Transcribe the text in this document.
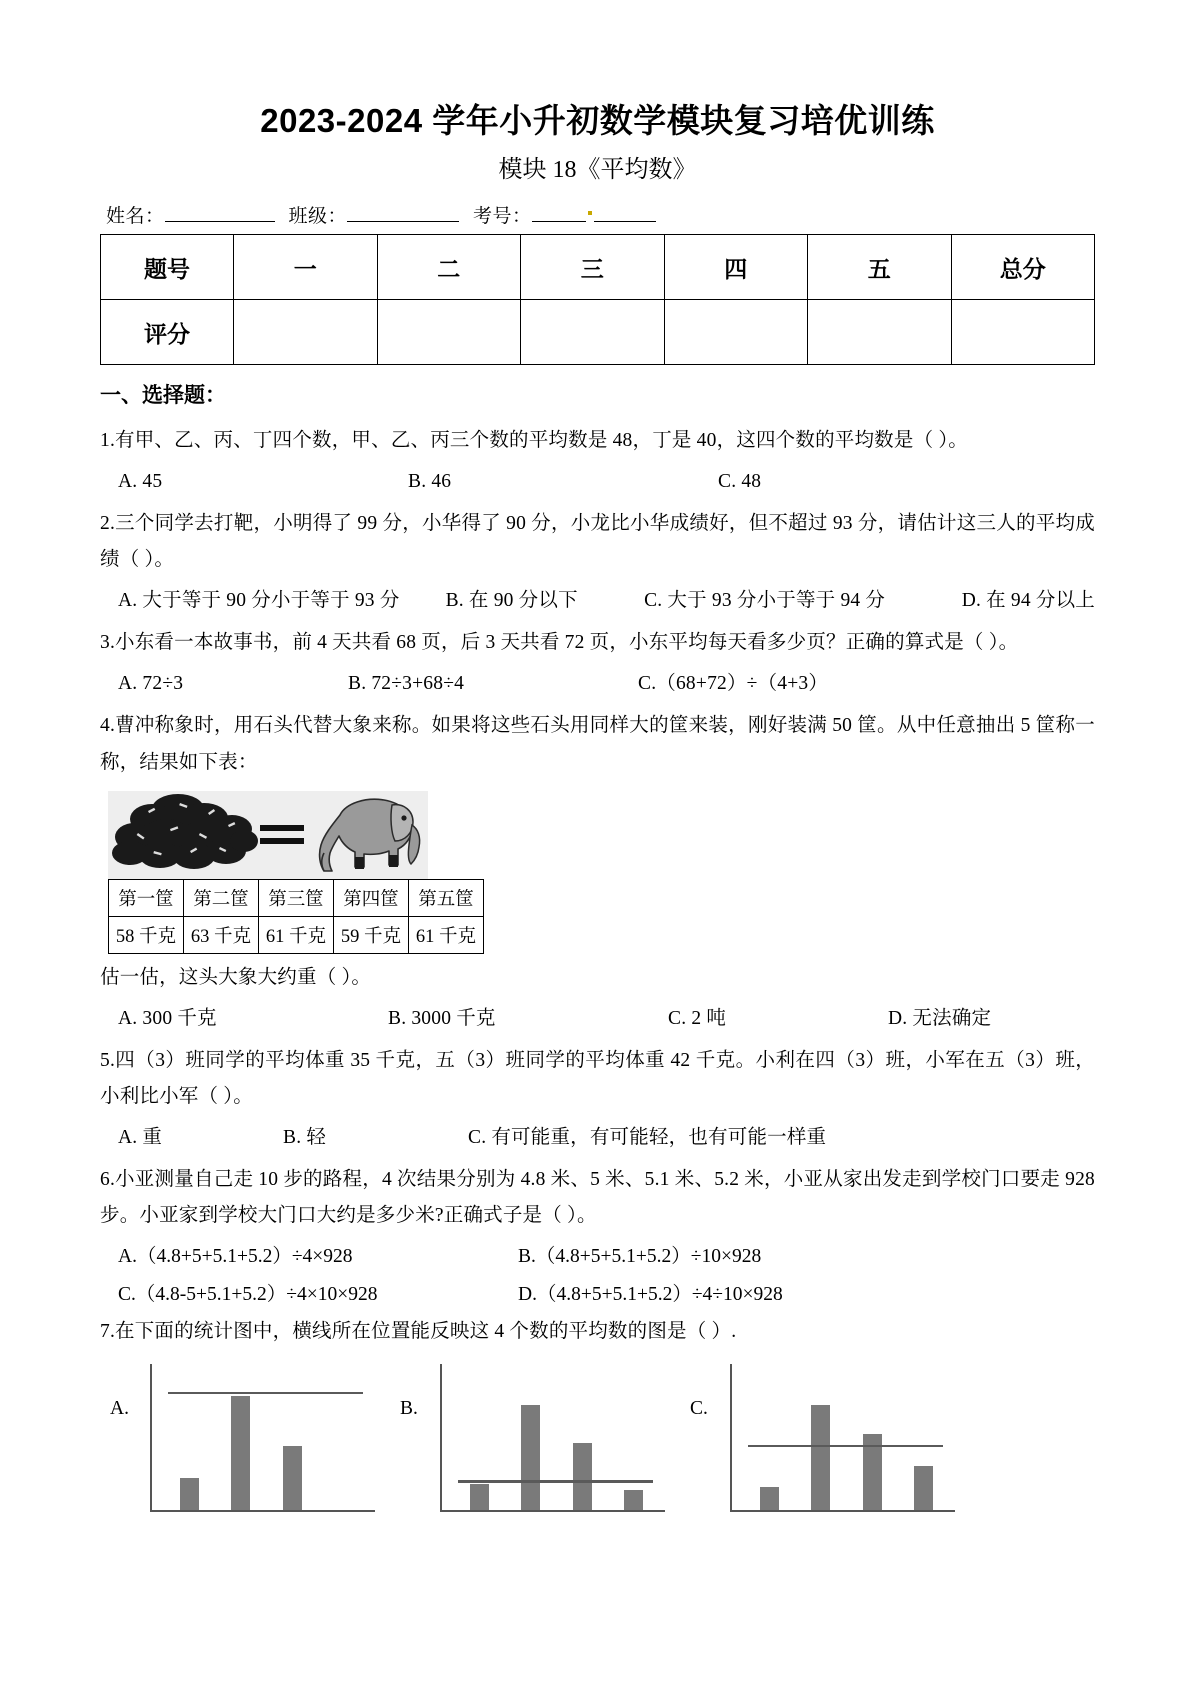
2023-2024 学年小升初数学模块复习培优训练
模块 18《平均数》
姓名：	班级：	考号：
题号	一	二	三	四	五	总分
评分						
一、选择题：
1.有甲、乙、丙、丁四个数，甲、乙、丙三个数的平均数是 48，丁是 40，这四个数的平均数是（ ）。
A. 45	B. 46	C. 48
2.三个同学去打靶，小明得了 99 分，小华得了 90 分，小龙比小华成绩好，但不超过 93 分，请估计这三人的平均成绩（ ）。
A. 大于等于 90 分小于等于 93 分	B. 在 90 分以下	C. 大于 93 分小于等于 94 分	D. 在 94 分以上
3.小东看一本故事书，前 4 天共看 68 页，后 3 天共看 72 页，小东平均每天看多少页？正确的算式是（ ）。
A. 72÷3	B. 72÷3+68÷4	C.（68+72）÷（4+3）
4.曹冲称象时，用石头代替大象来称。如果将这些石头用同样大的筐来装，刚好装满 50 筐。从中任意抽出 5 筐称一称，结果如下表：
第一筐	第二筐	第三筐	第四筐	第五筐
58 千克	63 千克	61 千克	59 千克	61 千克
估一估，这头大象大约重（ ）。
A. 300 千克	B. 3000 千克	C. 2 吨	D. 无法确定
5.四（3）班同学的平均体重 35 千克，五（3）班同学的平均体重 42 千克。小利在四（3）班，小军在五（3）班，小利比小军（ ）。
A. 重	B. 轻	C. 有可能重，有可能轻，也有可能一样重
6.小亚测量自己走 10 步的路程，4 次结果分别为 4.8 米、5 米、5.1 米、5.2 米，小亚从家出发走到学校门口要走 928 步。小亚家到学校大门口大约是多少米?正确式子是（ ）。
A.（4.8+5+5.1+5.2）÷4×928	B.（4.8+5+5.1+5.2）÷10×928
C.（4.8-5+5.1+5.2）÷4×10×928	D.（4.8+5+5.1+5.2）÷4÷10×928
7.在下面的统计图中，横线所在位置能反映这 4 个数的平均数的图是（ ）.
A.	B.	C.
